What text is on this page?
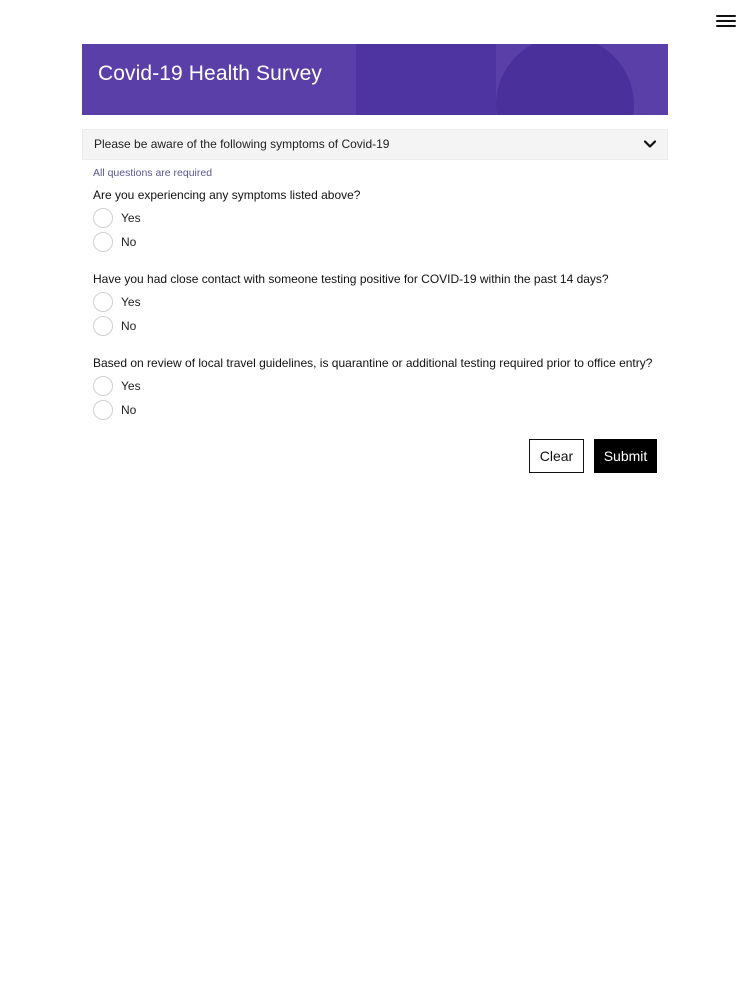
Covid-19 Health Survey
Please be aware of the following symptoms of Covid-19
All questions are required
Are you experiencing any symptoms listed above?
Yes
No
Have you had close contact with someone testing positive for COVID-19 within the past 14 days?
Yes
No
Based on review of local travel guidelines, is quarantine or additional testing required prior to office entry?
Yes
No
Clear	Submit
